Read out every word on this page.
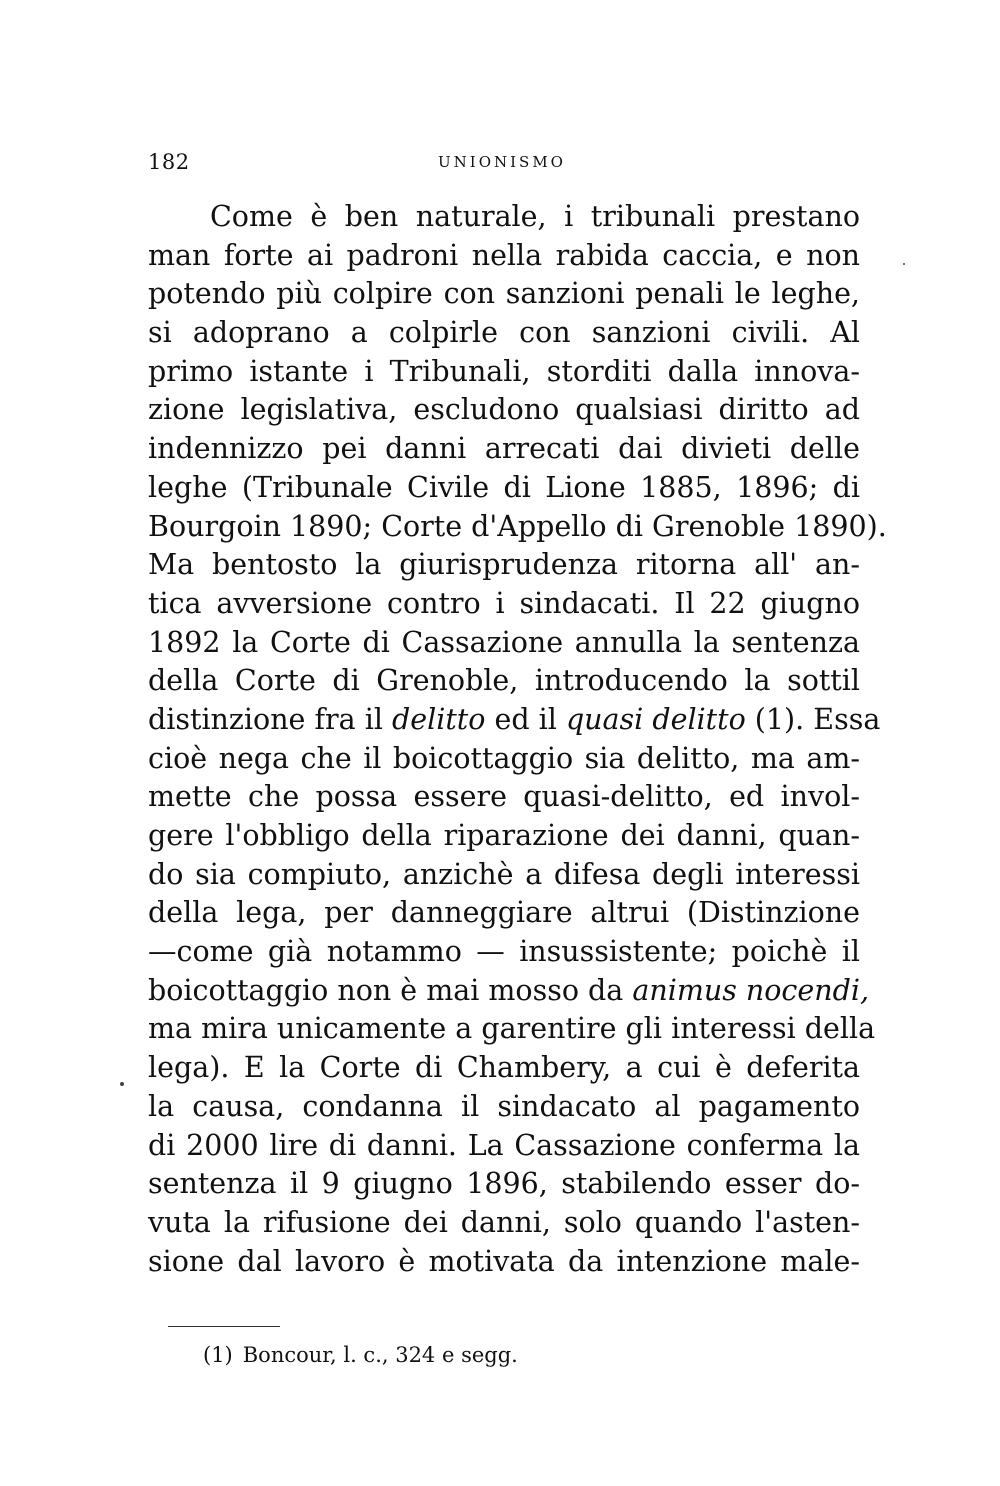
182	UNIONISMO
Come è ben naturale, i tribunali prestano
man forte ai padroni nella rabida caccia, e non
potendo più colpire con sanzioni penali le leghe,
si adoprano a colpirle con sanzioni civili. Al
primo istante i Tribunali, storditi dalla innova-
zione legislativa, escludono qualsiasi diritto ad
indennizzo pei danni arrecati dai divieti delle
leghe (Tribunale Civile di Lione 1885, 1896; di
Bourgoin 1890; Corte d'Appello di Grenoble 1890).
Ma bentosto la giurisprudenza ritorna all' an-
tica avversione contro i sindacati. Il 22 giugno
1892 la Corte di Cassazione annulla la sentenza
della Corte di Grenoble, introducendo la sottil
distinzione fra il delitto ed il quasi delitto (1). Essa
cioè nega che il boicottaggio sia delitto, ma am-
mette che possa essere quasi-delitto, ed invol-
gere l'obbligo della riparazione dei danni, quan-
do sia compiuto, anzichè a difesa degli interessi
della lega, per danneggiare altrui (Distinzione
—come già notammo — insussistente; poichè il
boicottaggio non è mai mosso da animus nocendi,
ma mira unicamente a garentire gli interessi della
lega). E la Corte di Chambery, a cui è deferita
la causa, condanna il sindacato al pagamento
di 2000 lire di danni. La Cassazione conferma la
sentenza il 9 giugno 1896, stabilendo esser do-
vuta la rifusione dei danni, solo quando l'asten-
sione dal lavoro è motivata da intenzione male-
(1) Boncour, l. c., 324 e segg.
